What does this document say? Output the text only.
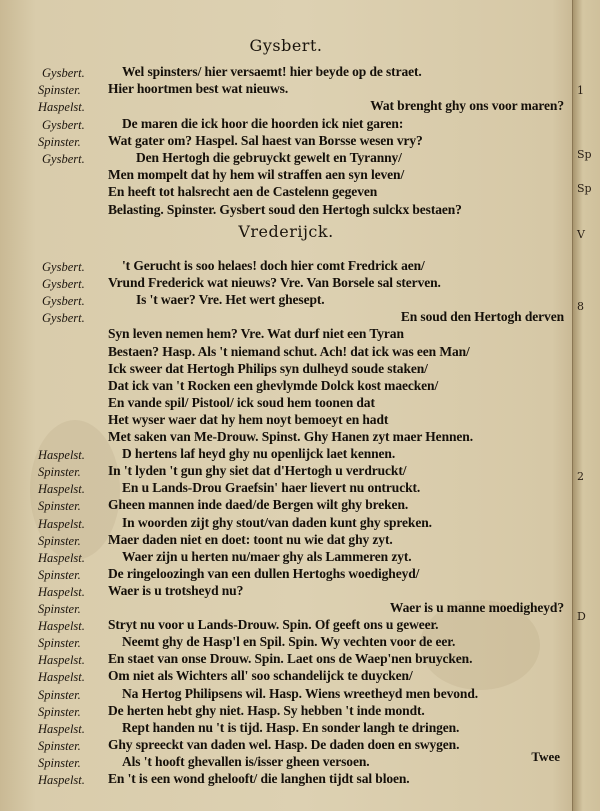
Gysbert.
Gysbert.	Wel spinsters/ hier versaemt! hier beyde op de straet.
Spinster. Hier hoortmen best wat nieuws.
Haspelst.	Wat brenght ghy ons voor maren?
Gysbert.	De maren die ick hoor die hoorden ick niet garen:
Spinster. Wat gater om? Haspel. Sal haest van Borsse wesen vry?
Gysbert.	Den Hertogh die gebruyckt gewelt en Tyranny/
Men mompelt dat hy hem wil straffen aen syn leven/
En heeft tot halsrecht aen de Castelenn gegeven
Belasting. Spinster. Gysbert soud den Hertogh sulckx bestaen?
Vrederijck.
Gysbert.	't Gerucht is soo helaes! doch hier comt Fredrick aen/
Gysbert. Vrund Frederick wat nieuws? Vre. Van Borsele sal sterven.
Gysbert.	Is 't waer? Vre. Het wert ghesept.
Gysbert.	En soud den Hertogh derven
Syn leven nemen hem? Vre. Wat durf niet een Tyran
Bestaen? Hasp. Als 't niemand schut. Ach! dat ick was een Man/
Ick sweer dat Hertogh Philips syn dulheyd soude staken/
Dat ick van 't Rocken een ghevlymde Dolck kost maecken/
En vande spil/ Pistool/ ick soud hem toonen dat
Het wyser waer dat hy hem noyt bemoeyt en hadt
Met saken van Me-Drouw. Spinst. Ghy Hanen zyt maer Hennen.
Haspelst.	D hertens laf heyd ghy nu openlijck laet kennen.
Spinster. In 't lyden 't gun ghy siet dat d'Hertogh u verdruckt/
Haspelst.	En u Lands-Drou Graefsin' haer lievert nu ontruckt.
Spinster. Gheen mannen inde daed/de Bergen wilt ghy breken.
Haspelst.	In woorden zijt ghy stout/van daden kunt ghy spreken.
Spinster. Maer daden niet en doet: toont nu wie dat ghy zyt.
Haspelst.	Waer zijn u herten nu/maer ghy als Lammeren zyt.
Spinster. De ringeloozingh van een dullen Hertoghs woedigheyd/
Haspelst. Waer is u trotsheyd nu?
Spinster.	Waer is u manne moedigheyd?
Haspelst. Stryt nu voor u Lands-Drouw. Spin. Of geeft ons u geweer.
Spinster.	Neemt ghy de Hasp'l en Spil. Spin. Wy vechten voor de eer.
Haspelst. En staet van onse Drouw. Spin. Laet ons de Waep'nen bruycken.
Haspelst. Om niet als Wichters all' soo schandelijck te duycken/
Spinster.	Na Hertog Philipsens wil. Hasp. Wiens wreetheyd men bevond.
Spinster. De herten hebt ghy niet. Hasp. Sy hebben 't inde mondt.
Haspelst.	Rept handen nu 't is tijd. Hasp. En sonder langh te dringen.
Spinster. Ghy spreeckt van daden wel. Hasp. De daden doen en swygen.
Spinster.	Als 't hooft ghevallen is/isser gheen versoen.
Haspelst. En 't is een wond ghelooft/ die langhen tijdt sal bloen.
Twee
1
Sp
Sp
V
8
2
D
